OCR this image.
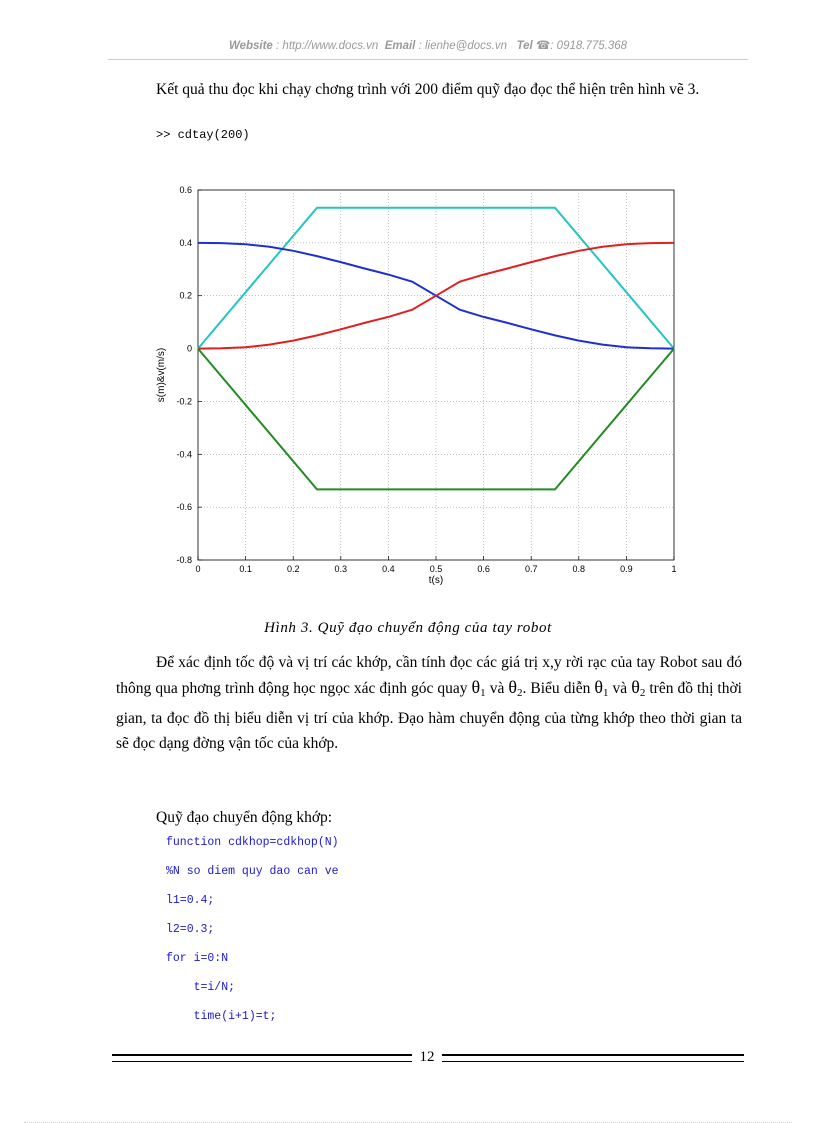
Website : http://www.docs.vn Email : lienhe@docs.vn Tel ☎: 0918.775.368
Kết quả thu đọc khi chạy chơng trình với 200 điểm quỹ đạo đọc thể hiện trên hình vẽ 3.
>> cdtay(200)
0	0.1	0.2	0.3	0.4	0.5	0.6	0.7	0.8	0.9	1
-0.8
-0.6
-0.4
-0.2
0
0.2
0.4
0.6
t(s)
s(m)&v(m/s)
Hình 3. Quỹ đạo chuyển động của tay robot
Để xác định tốc độ và vị trí các khớp, cần tính đọc các giá trị x,y rời rạc của tay Robot sau đó thông qua phơng trình động học ngọc xác định góc quay $\theta_1$ và $\theta_2$. Biểu diễn $\theta_1$ và $\theta_2$ trên đồ thị thời gian, ta đọc đồ thị biểu diễn vị trí của khớp. Đạo hàm chuyển động của từng khớp theo thời gian ta sẽ đọc dạng đờng vận tốc của khớp.
Quỹ đạo chuyển động khớp:
function cdkhop=cdkhop(N)
%N so diem quy dao can ve
l1=0.4;
l2=0.3;
for i=0:N
t=i/N;
time(i+1)=t;
12
